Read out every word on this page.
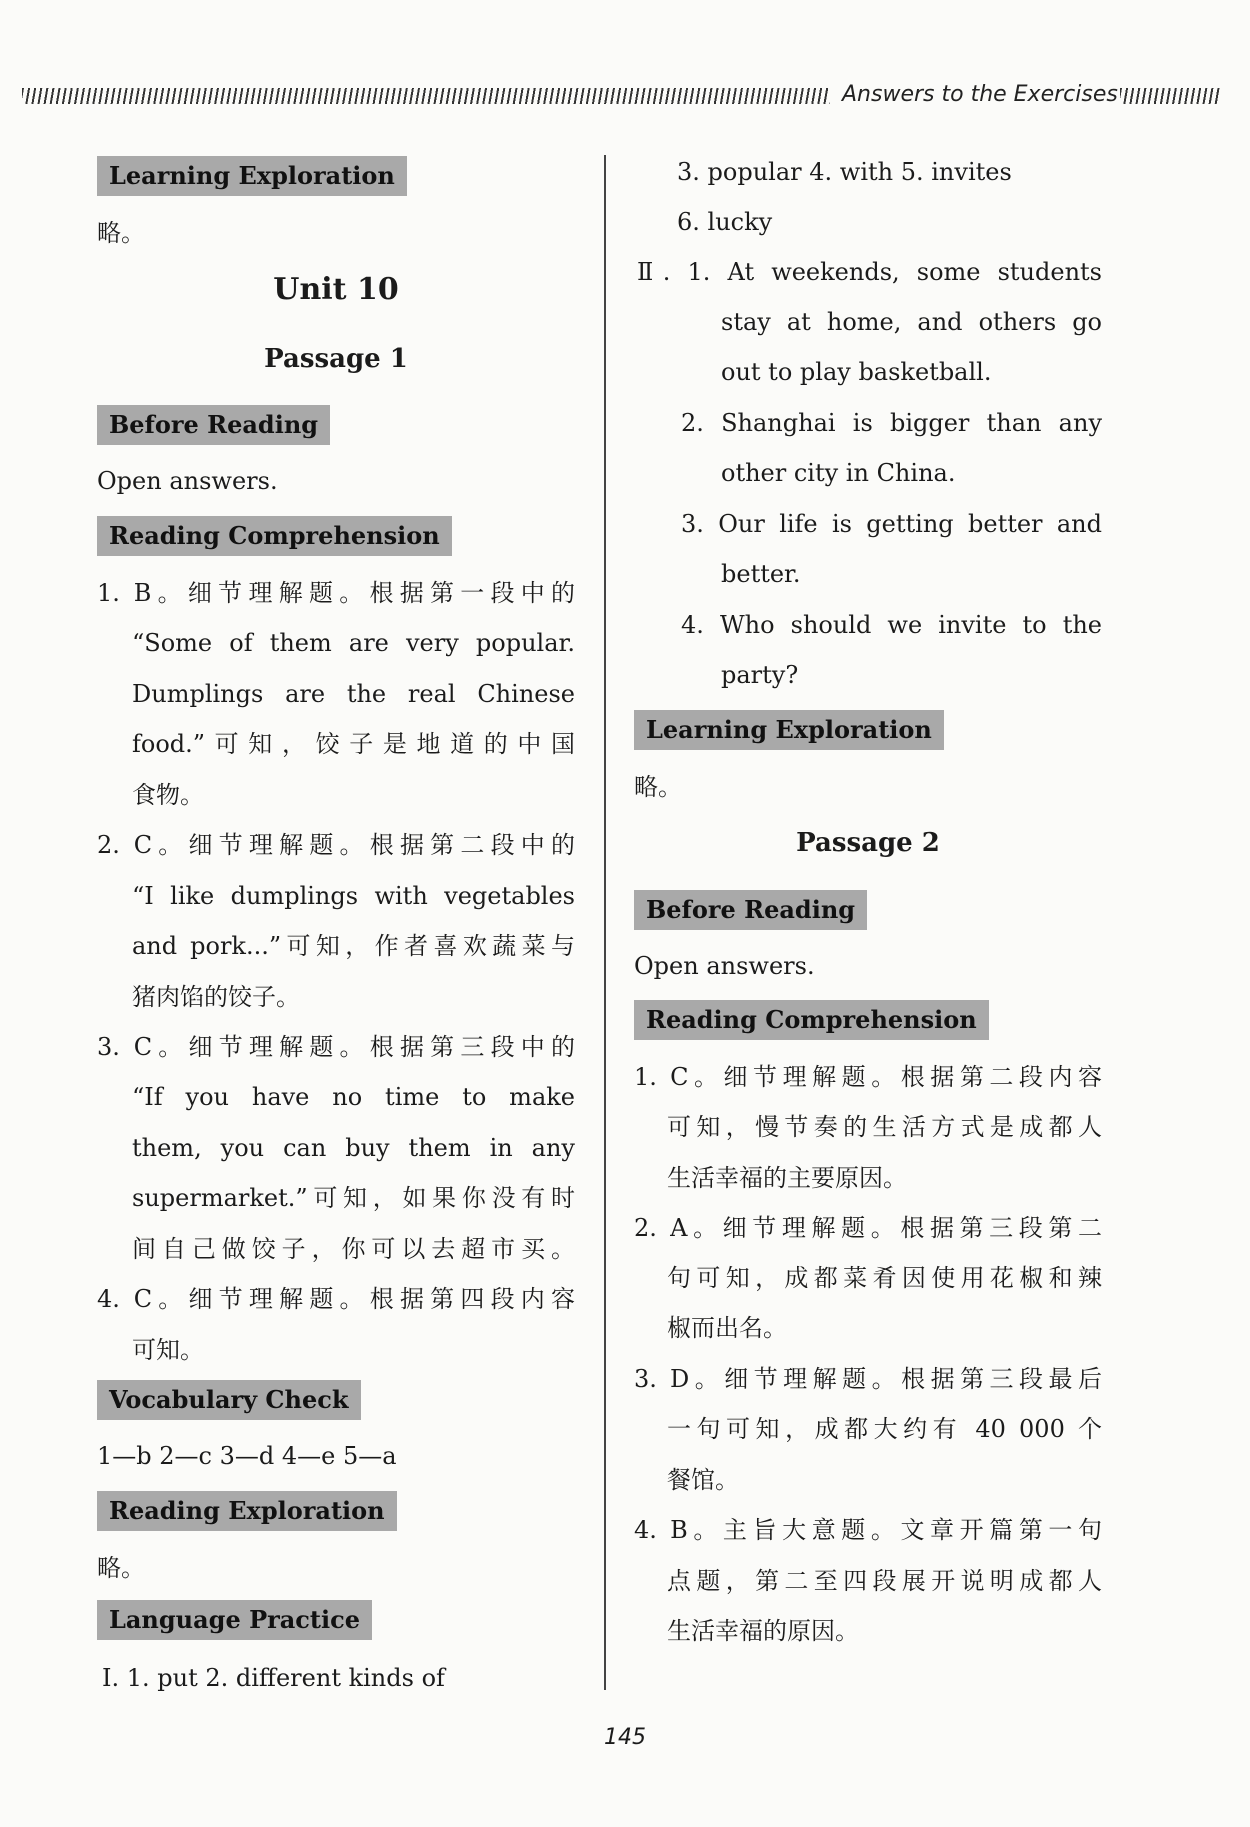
Answers to the Exercises
Learning Exploration
略。
Unit 10
Passage 1
Before Reading
Open answers.
Reading Comprehension
1. B。细节理解题。根据第一段中的
“Some of them are very popular.
Dumplings are the real Chinese
food.”可知，饺子是地道的中国
食物。
2. C。细节理解题。根据第二段中的
“I like dumplings with vegetables
and pork...”可知，作者喜欢蔬菜与
猪肉馅的饺子。
3. C。细节理解题。根据第三段中的
“If you have no time to make
them, you can buy them in any
supermarket.”可知，如果你没有时
间自己做饺子，你可以去超市买。
4. C。细节理解题。根据第四段内容
可知。
Vocabulary Check
1—b 2—c 3—d 4—e 5—a
Reading Exploration
略。
Language Practice
Ⅰ. 1. put 2. different kinds of
3. popular 4. with 5. invites
6. lucky
Ⅱ. 1. At weekends, some students
stay at home, and others go
out to play basketball.
2. Shanghai is bigger than any
other city in China.
3. Our life is getting better and
better.
4. Who should we invite to the
party?
Learning Exploration
略。
Passage 2
Before Reading
Open answers.
Reading Comprehension
1. C。细节理解题。根据第二段内容
可知，慢节奏的生活方式是成都人
生活幸福的主要原因。
2. A。细节理解题。根据第三段第二
句可知，成都菜肴因使用花椒和辣
椒而出名。
3. D。细节理解题。根据第三段最后
一句可知，成都大约有 40 000 个
餐馆。
4. B。主旨大意题。文章开篇第一句
点题，第二至四段展开说明成都人
生活幸福的原因。
145
